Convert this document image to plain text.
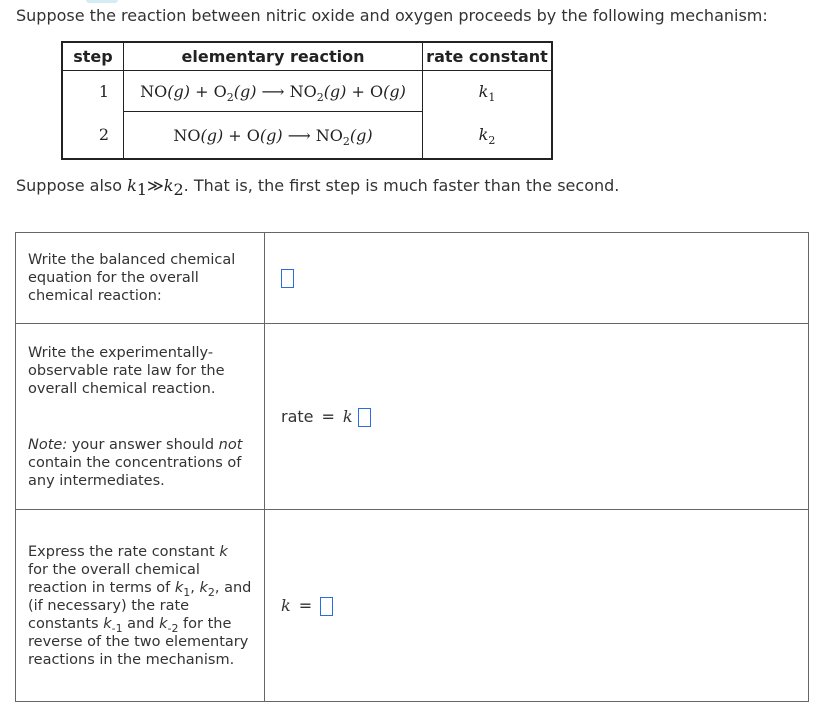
Suppose the reaction between nitric oxide and oxygen proceeds by the following mechanism:
step	elementary reaction	rate constant
1	$NO(g) + O_2(g)$ ⟶ $NO_2(g) + O(g)$	$k_1$
2	NO(g) + O(g) ⟶ $NO_2(g)$	$k_2$
Suppose also $k_1≫k_2$. That is, the first step is much faster than the second.
Write the balanced chemical equation for the overall chemical reaction:	

Write the experimentally-observable rate law for the overall chemical reaction.
Note: your answer should not contain the concentrations of any intermediates.	rate = k
Express the rate constant k for the overall chemical reaction in terms of $k_1$, $k_2$, and (if necessary) the rate constants $k_{-1}$ and $k_{-2}$ for the reverse of the two elementary reactions in the mechanism.	k =
